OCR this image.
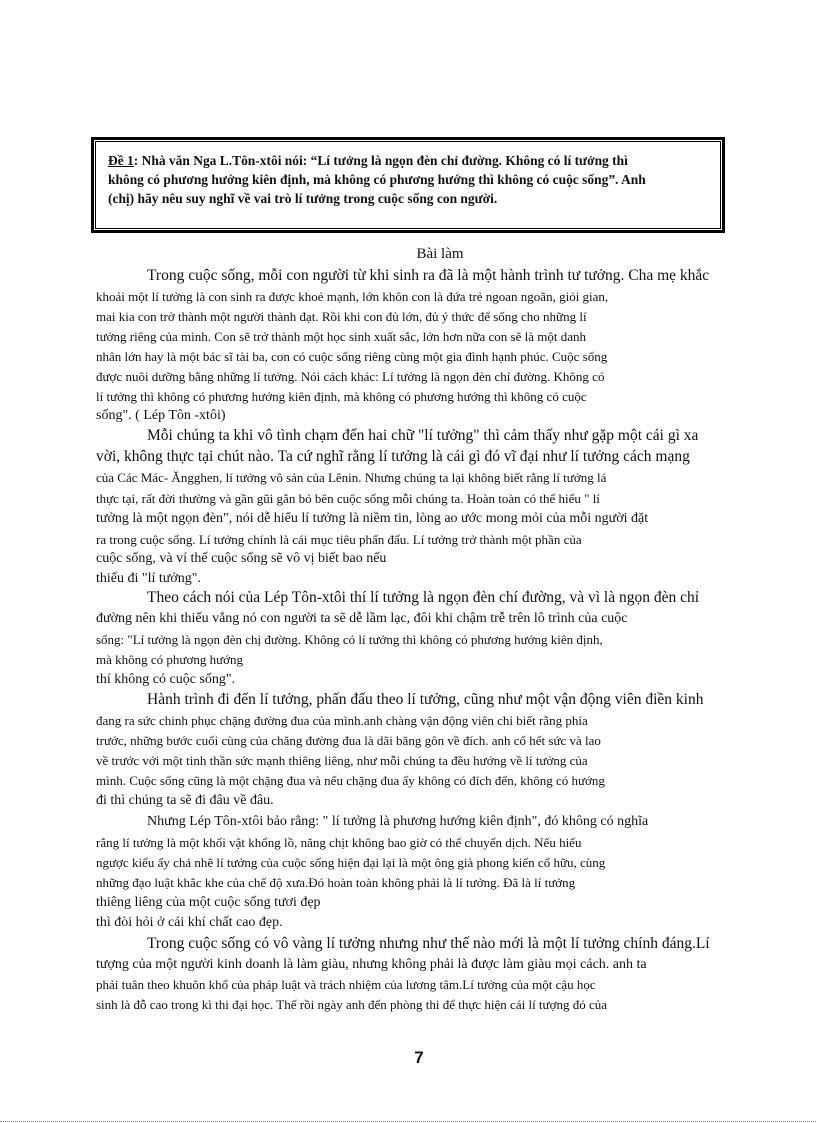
Đề 1: Nhà văn Nga L.Tôn-xtôi nói: “Lí tưởng là ngọn đèn chỉ đường. Không có lí tưởng thì
không có phương hướng kiên định, mà không có phương hướng thì không có cuộc sống”. Anh
(chị) hãy nêu suy nghĩ về vai trò lí tưởng trong cuộc sống con người.
Bài làm
Trong cuộc sống, mỗi con người từ khi sinh ra đã là một hành trình tư tưởng. Cha mẹ khắc
khoải một lí tưởng là con sinh ra được khoẻ mạnh, lớn khôn con là đứa trẻ ngoan ngoãn, giỏi gian,
mai kia con trở thành một người thành đạt. Rồi khi con đủ lớn, đủ ý thức để sống cho những lí
tưởng riêng của mình. Con sẽ trở thành một học sinh xuất sắc, lớn hơn nữa con sẽ là một danh
nhân lớn hay là một bác sĩ tài ba, con có cuộc sống riêng cùng một gia đình hạnh phúc. Cuộc sống
được nuôi dưỡng bằng những lí tưởng. Nói cách khác: Lí tưởng là ngọn đèn chỉ đường. Không có
lí tưởng thì không có phương hướng kiên định, mà không có phương hướng thì không có cuộc
sống". ( Lép Tôn -xtôi)
Mỗi chúng ta khi vô tình chạm đến hai chữ "lí tưởng" thì cảm thấy như gặp một cái gì xa
vời, không thực tại chút nào. Ta cứ nghĩ rằng lí tưởng là cái gì đó vĩ đại như lí tưởng cách mạng
của Các Mác- Ăngghen, lí tưởng vô sản của Lênin. Nhưng chúng ta lại không biết rằng lí tưởng lá
thực tại, rất đời thường và gần gũi gắn bó bên cuộc sống mỗi chúng ta. Hoàn toàn có thể hiểu " lí
tưởng là một ngọn đèn", nói dễ hiểu lí tưởng là niềm tin, lòng ao ước mong mỏi của mỗi người đặt
ra trong cuộc sống. Lí tưởng chính là cái mục tiêu phấn đấu. Lí tưởng trở thành một phần của
cuộc sống, và ví thế cuộc sống sẽ vô vị biết bao nếu
thiếu đi "lí tưởng".
Theo cách nói của Lép Tôn-xtôi thí lí tưởng là ngọn đèn chí đường, và vì là ngọn đèn chỉ
đường nên khi thiếu vắng nó con người ta sẽ dễ lầm lạc, đôi khi chậm trễ trên lô trình của cuộc
sống: "Lí tưởng là ngọn đèn chị đường. Không có lí tưởng thì không có phương hướng kiên định,
mà không có phương hướng
thí không có cuộc sống".
Hành trình đi đến lí tưởng, phấn đấu theo lí tưởng, cũng như một vận động viên điền kinh
đang ra sức chinh phục chặng đường đua của mình.anh chàng vận động viên chỉ biết rằng phía
trước, những bước cuối cùng của chăng đường đua là dãi băng gôn về đích. anh cố hết sức và lao
về trước với một tinh thần sức mạnh thiêng liêng, như mỗi chúng ta đều hướng về lí tưởng của
mình. Cuộc sống cũng là một chặng đua và nếu chặng đua ấy không có đích đến, không có hướng
đi thì chúng ta sẽ đi đâu về đâu.
Nhưng Lép Tôn-xtôi bảo rằng: " lí tưởng là phương hướng kiên định", đó không có nghĩa
rằng lí tưởng là một khối vật khổng lồ, năng chịt không bao giờ có thể chuyển dịch. Nếu hiểu
ngược kiểu ấy chả nhẽ lí tưởng của cuộc sống hiện đại lại là một ông già phong kiến cổ hữu, cùng
những đạo luật khắc khe của chế độ xưa.Đó hoàn toàn không phải là lí tưởng. Đã là lí tưởng
thiêng liêng của một cuộc sống tươi đẹp
thì đòi hỏi ở cái khí chất cao đẹp.
Trong cuộc sống có vô vàng lí tưởng nhưng như thế nào mới là một lí tưởng chính đáng.Lí
tượng của một người kinh doanh là làm giàu, nhưng không phải là được làm giàu mọi cách. anh ta
phải tuân theo khuôn khổ của pháp luật và trách nhiệm của lương tâm.Lí tưởng của một cậu học
sinh là đỗ cao trong kì thi đại học. Thế rồi ngày anh đến phòng thi để thực hiện cái lí tượng đó của
7
